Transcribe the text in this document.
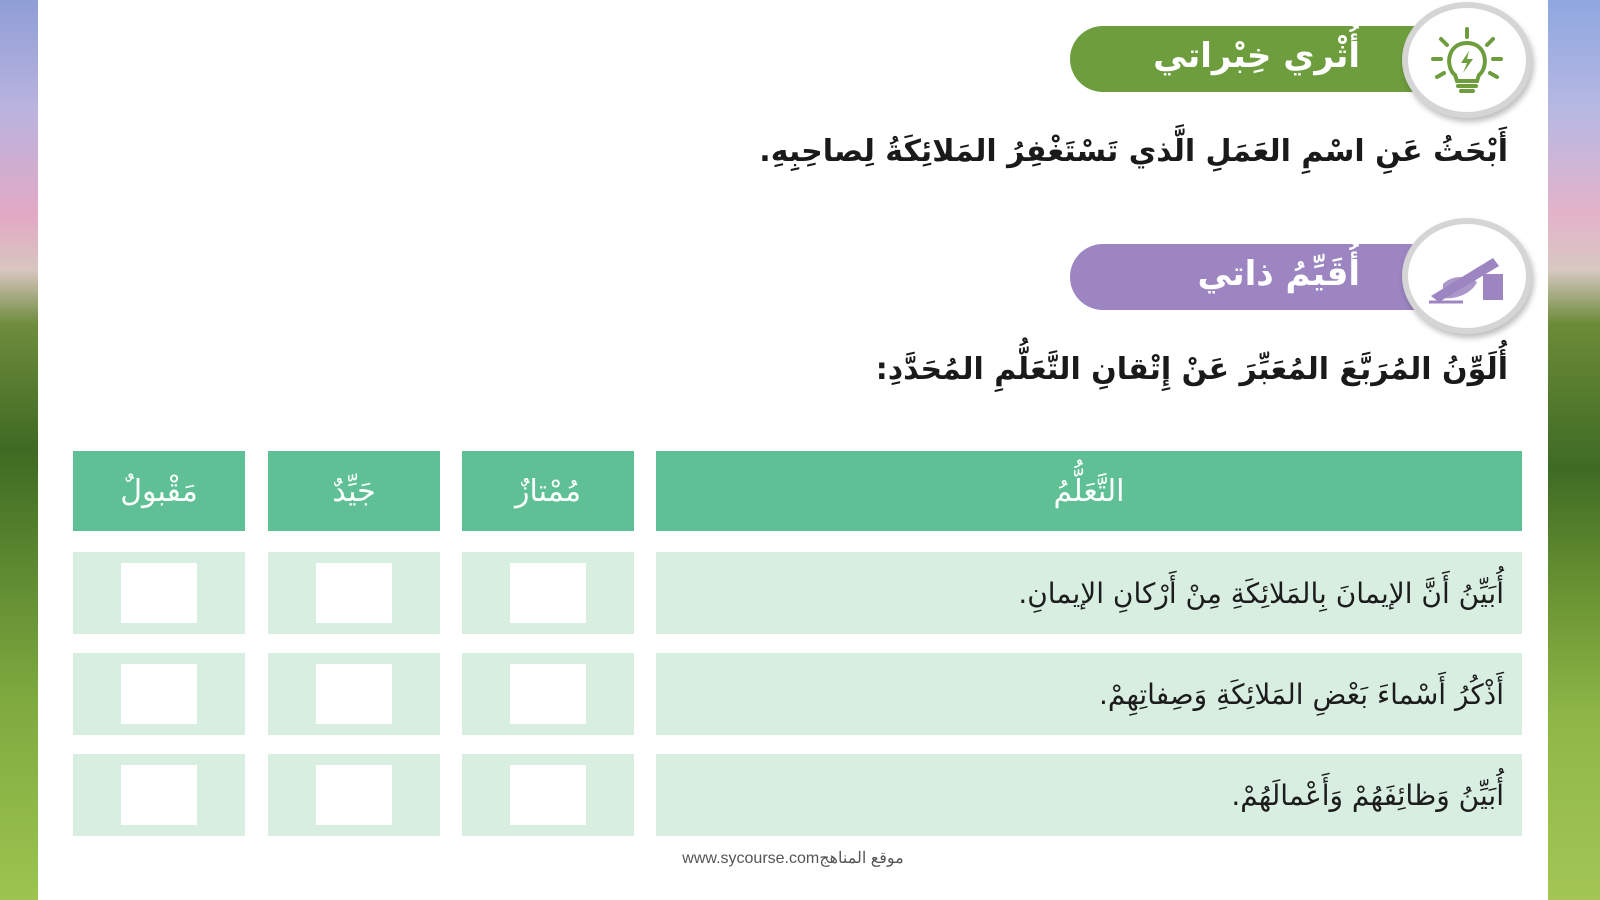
أُثْري خِبْراتي
أَبْحَثُ عَنِ اسْمِ العَمَلِ الَّذي تَسْتَغْفِرُ المَلائِكَةُ لِصاحِبِهِ.
أُقَيِّمُ ذاتي
أُلَوِّنُ المُرَبَّعَ المُعَبِّرَ عَنْ إِتْقانِ التَّعَلُّمِ المُحَدَّدِ:
التَّعَلُّمُ
مُمْتازٌ
جَيِّدٌ
مَقْبولٌ
أُبَيِّنُ أَنَّ الإيمانَ بِالمَلائِكَةِ مِنْ أَرْكانِ الإيمانِ.
أَذْكُرُ أَسْماءَ بَعْضِ المَلائِكَةِ وَصِفاتِهِمْ.
أُبَيِّنُ وَظائِفَهُمْ وَأَعْمالَهُمْ.
www.sycourse.comموقع المناهج
